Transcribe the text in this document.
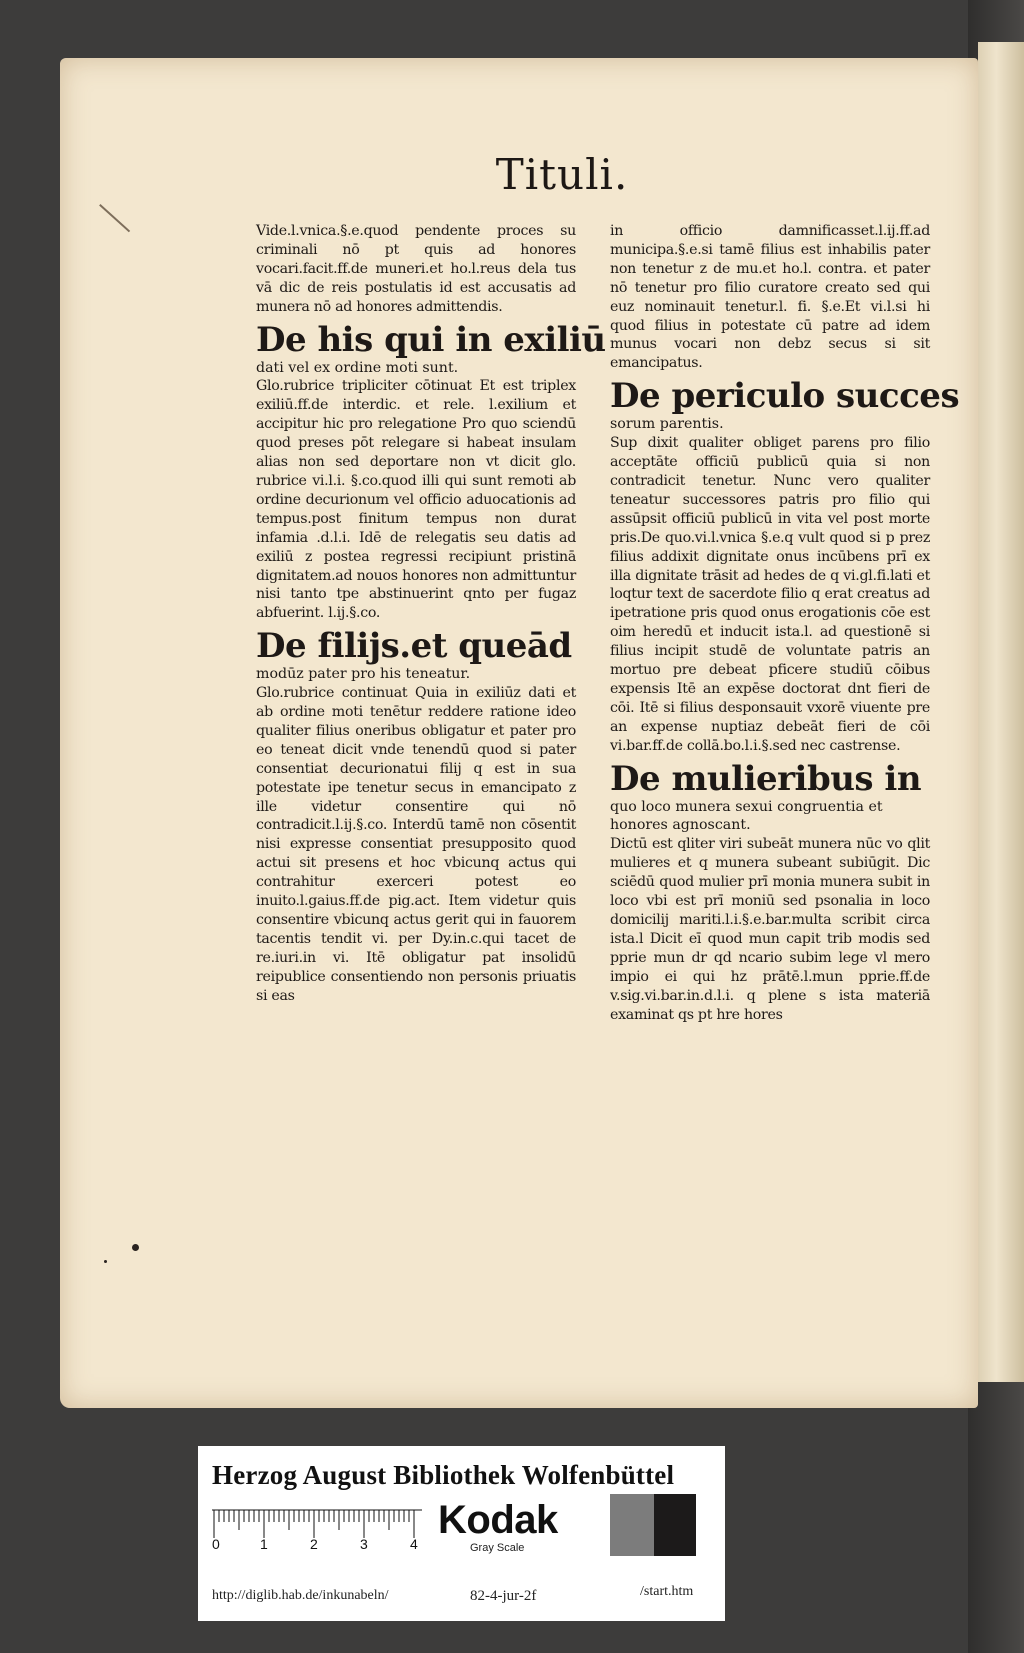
Tituli.

Vide.l.vnica.§.e.quod pendente proces su criminali nō pt quis ad honores vocari.facit.ff.de muneri.et ho.l.reus dela tus vā dic de reis postulatis id est accusatis ad munera nō ad honores admittendis.

De his qui in exiliū

dati vel ex ordine moti sunt.

Glo.rubrice tripliciter cōtinuat Et est triplex exiliū.ff.de interdic. et rele. l.exilium et accipitur hic pro relegatione Pro quo sciendū quod preses pōt relegare si habeat insulam alias non sed deportare non vt dicit glo. rubrice vi.l.i. §.co.quod illi qui sunt remoti ab ordine decurionum vel officio aduocationis ad tempus.post finitum tempus non durat infamia .d.l.i. Idē de relegatis seu datis ad exiliū z postea regressi recipiunt pristinā dignitatem.ad nouos honores non admittuntur nisi tanto tpe abstinuerint qnto per fugaz abfuerint. l.ij.§.co.

De filijs.et queād

modūz pater pro his teneatur.

Glo.rubrice continuat Quia in exiliūz dati et ab ordine moti tenētur reddere ratione ideo qualiter filius oneribus obligatur et pater pro eo teneat dicit vnde tenendū quod si pater consentiat decurionatui filij q est in sua potestate ipe tenetur secus in emancipato z ille videtur consentire qui nō contradicit.l.ij.§.co. Interdū tamē non cōsentit nisi expresse consentiat presupposito quod actui sit presens et hoc vbicunq actus qui contrahitur exerceri potest eo inuito.l.gaius.ff.de pig.act. Item videtur quis consentire vbicunq actus gerit qui in fauorem tacentis tendit vi. per Dy.in.c.qui tacet de re.iuri.in vi. Itē obligatur pat insolidū reipublice consentiendo non personis priuatis si eas

in officio damnificasset.l.ij.ff.ad municipa.§.e.si tamē filius est inhabilis pater non tenetur z de mu.et ho.l. contra. et pater nō tenetur pro filio curatore creato sed qui euz nominauit tenetur.l. fi. §.e.Et vi.l.si hi quod filius in potestate cū patre ad idem munus vocari non debz secus si sit emancipatus.

De periculo succes

sorum parentis.

Sup dixit qualiter obliget parens pro filio acceptāte officiū publicū quia si non contradicit tenetur. Nunc vero qualiter teneatur successores patris pro filio qui assūpsit officiū publicū in vita vel post morte pris.De quo.vi.l.vnica §.e.q vult quod si p prez filius addixit dignitate onus incūbens prī ex illa dignitate trāsit ad hedes de q vi.gl.fi.lati et loqtur text de sacerdote filio q erat creatus ad ipetratione pris quod onus erogationis cōe est oim heredū et inducit ista.l. ad questionē si filius incipit studē de voluntate patris an mortuo pre debeat pficere studiū cōibus expensis Itē an expēse doctorat dnt fieri de cōi. Itē si filius desponsauit vxorē viuente pre an expense nuptiaz debeāt fieri de cōi vi.bar.ff.de collā.bo.l.i.§.sed nec castrense.

De mulieribus in

quo loco munera sexui congruentia et honores agnoscant.

Dictū est qliter viri subeāt munera nūc vo qlit mulieres et q munera subeant subiūgit. Dic sciēdū quod mulier prī monia munera subit in loco vbi est prī moniū sed psonalia in loco domicilij mariti.l.i.§.e.bar.multa scribit circa ista.l Dicit eī quod mun capit trib modis sed pprie mun dr qd ncario subim lege vl mero impio ei qui hz prātē.l.mun pprie.ff.de v.sig.vi.bar.in.d.l.i. q plene s ista materiā examinat qs pt hre hores

Herzog August Bibliothek Wolfenbüttel
0	1	2	3	4
Kodak
Gray Scale
http://diglib.hab.de/inkunabeln/	82-4-jur-2f	/start.htm
